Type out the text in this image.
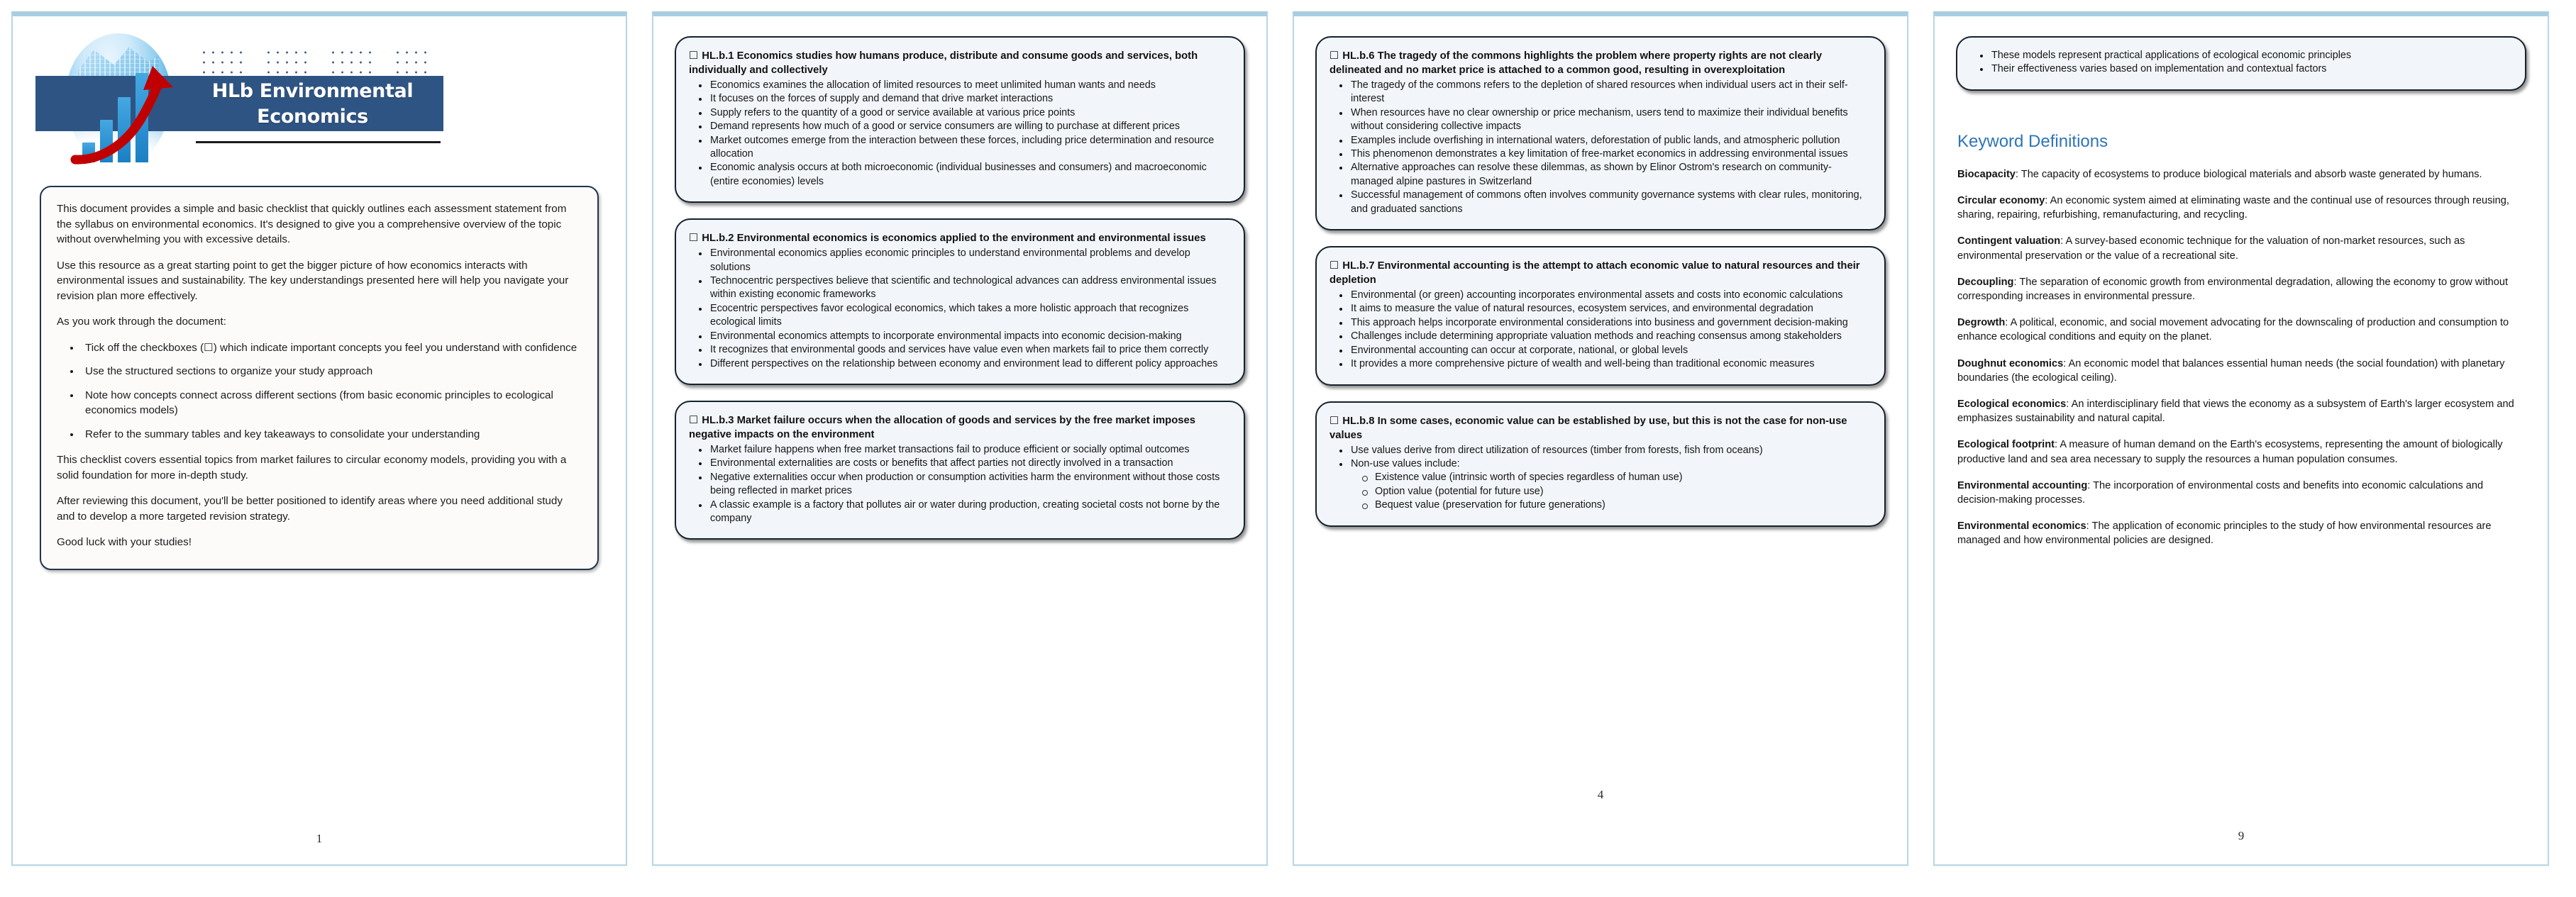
HLb Environmental
Economics

This document provides a simple and basic checklist that quickly outlines each assessment statement from the syllabus on environmental economics. It's designed to give you a comprehensive overview of the topic without overwhelming you with excessive details.

Use this resource as a great starting point to get the bigger picture of how economics interacts with environmental issues and sustainability. The key understandings presented here will help you navigate your revision plan more effectively.

As you work through the document:

• Tick off the checkboxes (☐) which indicate important concepts you feel you understand with confidence
• Use the structured sections to organize your study approach
• Note how concepts connect across different sections (from basic economic principles to ecological economics models)
• Refer to the summary tables and key takeaways to consolidate your understanding

This checklist covers essential topics from market failures to circular economy models, providing you with a solid foundation for more in-depth study.

After reviewing this document, you'll be better positioned to identify areas where you need additional study and to develop a more targeted revision strategy.

Good luck with your studies!

1
☐ HL.b.1 Economics studies how humans produce, distribute and consume goods and services, both individually and collectively
Economics examines the allocation of limited resources to meet unlimited human wants and needs
It focuses on the forces of supply and demand that drive market interactions
Supply refers to the quantity of a good or service available at various price points
Demand represents how much of a good or service consumers are willing to purchase at different prices
Market outcomes emerge from the interaction between these forces, including price determination and resource allocation
Economic analysis occurs at both microeconomic (individual businesses and consumers) and macroeconomic (entire economies) levels
☐ HL.b.2 Environmental economics is economics applied to the environment and environmental issues
Environmental economics applies economic principles to understand environmental problems and develop solutions
Technocentric perspectives believe that scientific and technological advances can address environmental issues within existing economic frameworks
Ecocentric perspectives favor ecological economics, which takes a more holistic approach that recognizes ecological limits
Environmental economics attempts to incorporate environmental impacts into economic decision-making
It recognizes that environmental goods and services have value even when markets fail to price them correctly
Different perspectives on the relationship between economy and environment lead to different policy approaches
☐ HL.b.3 Market failure occurs when the allocation of goods and services by the free market imposes negative impacts on the environment
Market failure happens when free market transactions fail to produce efficient or socially optimal outcomes
Environmental externalities are costs or benefits that affect parties not directly involved in a transaction
Negative externalities occur when production or consumption activities harm the environment without those costs being reflected in market prices
A classic example is a factory that pollutes air or water during production, creating societal costs not borne by the company
☐ HL.b.6 The tragedy of the commons highlights the problem where property rights are not clearly delineated and no market price is attached to a common good, resulting in overexploitation
The tragedy of the commons refers to the depletion of shared resources when individual users act in their self-interest
When resources have no clear ownership or price mechanism, users tend to maximize their individual benefits without considering collective impacts
Examples include overfishing in international waters, deforestation of public lands, and atmospheric pollution
This phenomenon demonstrates a key limitation of free-market economics in addressing environmental issues
Alternative approaches can resolve these dilemmas, as shown by Elinor Ostrom's research on community-managed alpine pastures in Switzerland
Successful management of commons often involves community governance systems with clear rules, monitoring, and graduated sanctions
☐ HL.b.7 Environmental accounting is the attempt to attach economic value to natural resources and their depletion
Environmental (or green) accounting incorporates environmental assets and costs into economic calculations
It aims to measure the value of natural resources, ecosystem services, and environmental degradation
This approach helps incorporate environmental considerations into business and government decision-making
Challenges include determining appropriate valuation methods and reaching consensus among stakeholders
Environmental accounting can occur at corporate, national, or global levels
It provides a more comprehensive picture of wealth and well-being than traditional economic measures
☐ HL.b.8 In some cases, economic value can be established by use, but this is not the case for non-use values
Use values derive from direct utilization of resources (timber from forests, fish from oceans)
Non-use values include:
Existence value (intrinsic worth of species regardless of human use)
Option value (potential for future use)
Bequest value (preservation for future generations)
4
These models represent practical applications of ecological economic principles
Their effectiveness varies based on implementation and contextual factors
Keyword Definitions

Biocapacity: The capacity of ecosystems to produce biological materials and absorb waste generated by humans.

Circular economy: An economic system aimed at eliminating waste and the continual use of resources through reusing, sharing, repairing, refurbishing, remanufacturing, and recycling.

Contingent valuation: A survey-based economic technique for the valuation of non-market resources, such as environmental preservation or the value of a recreational site.

Decoupling: The separation of economic growth from environmental degradation, allowing the economy to grow without corresponding increases in environmental pressure.

Degrowth: A political, economic, and social movement advocating for the downscaling of production and consumption to enhance ecological conditions and equity on the planet.

Doughnut economics: An economic model that balances essential human needs (the social foundation) with planetary boundaries (the ecological ceiling).

Ecological economics: An interdisciplinary field that views the economy as a subsystem of Earth's larger ecosystem and emphasizes sustainability and natural capital.

Ecological footprint: A measure of human demand on the Earth's ecosystems, representing the amount of biologically productive land and sea area necessary to supply the resources a human population consumes.

Environmental accounting: The incorporation of environmental costs and benefits into economic calculations and decision-making processes.

Environmental economics: The application of economic principles to the study of how environmental resources are managed and how environmental policies are designed.

9
